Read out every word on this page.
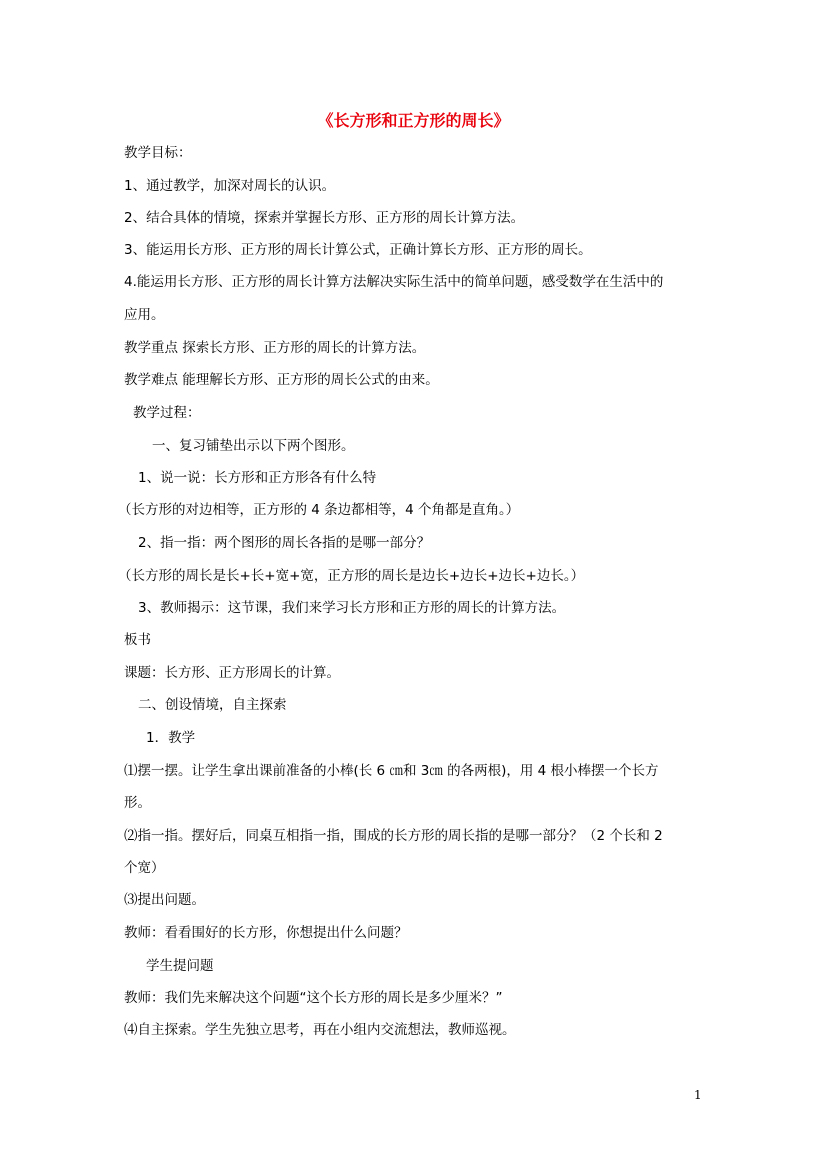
《长方形和正方形的周长》
教学目标：
1、通过教学，加深对周长的认识。
2、结合具体的情境，探索并掌握长方形、正方形的周长计算方法。
3、能运用长方形、正方形的周长计算公式，正确计算长方形、正方形的周长。
4.能运用长方形、正方形的周长计算方法解决实际生活中的简单问题，感受数学在生活中的
应用。
教学重点 探索长方形、正方形的周长的计算方法。
教学难点 能理解长方形、正方形的周长公式的由来。
教学过程：
一、复习铺垫出示以下两个图形。
1、说一说：长方形和正方形各有什么特
（长方形的对边相等，正方形的 4 条边都相等，4 个角都是直角。）
2、指一指：两个图形的周长各指的是哪一部分？
（长方形的周长是长+长+宽+宽，正方形的周长是边长+边长+边长+边长。）
3、教师揭示：这节课，我们来学习长方形和正方形的周长的计算方法。
板书
课题：长方形、正方形周长的计算。
二、创设情境，自主探索
1．教学
⑴摆一摆。让学生拿出课前准备的小棒(长 6 ㎝和 3㎝ 的各两根)，用 4 根小棒摆一个长方
形。
⑵指一指。摆好后，同桌互相指一指，围成的长方形的周长指的是哪一部分？（2 个长和 2
个宽）
⑶提出问题。
教师：看看围好的长方形，你想提出什么问题？
学生提问题
教师：我们先来解决这个问题“这个长方形的周长是多少厘米？”
⑷自主探索。学生先独立思考，再在小组内交流想法，教师巡视。
1
